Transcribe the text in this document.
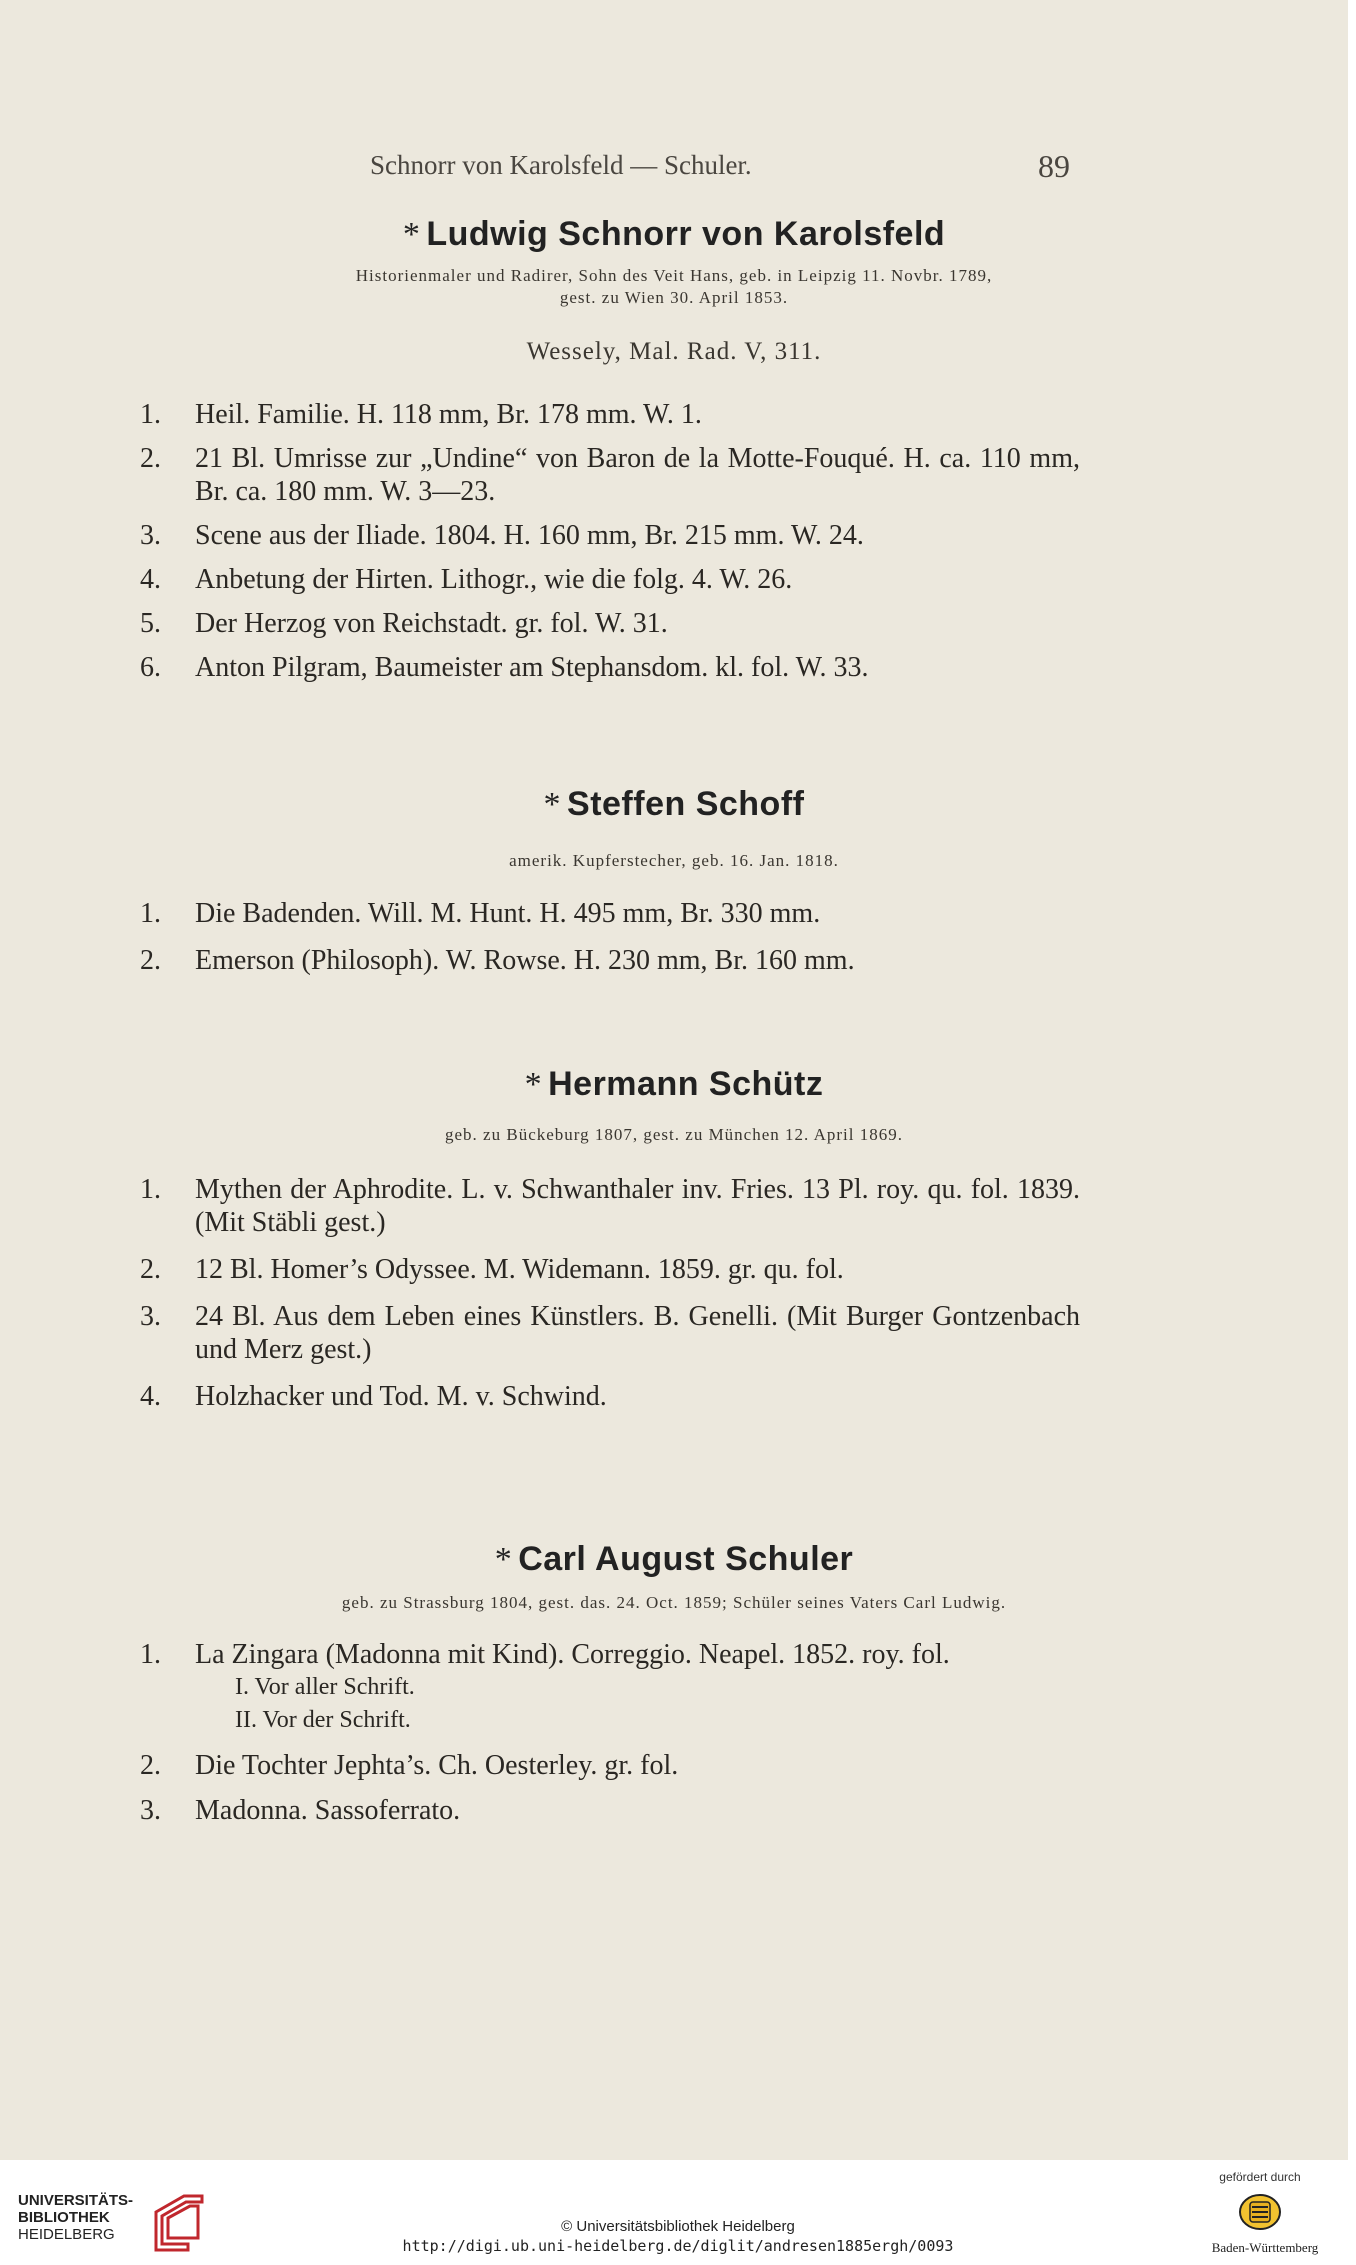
Schnorr von Karolsfeld — Schuler.	89
* Ludwig Schnorr von Karolsfeld
Historienmaler und Radirer, Sohn des Veit Hans, geb. in Leipzig 11. Novbr. 1789,
gest. zu Wien 30. April 1853.
Wessely, Mal. Rad. V, 311.

1. Heil. Familie. H. 118 mm, Br. 178 mm. W. 1.

2. 21 Bl. Umrisse zur „Undine“ von Baron de la Motte-Fouqué. H. ca. 110 mm, Br. ca. 180 mm. W. 3—23.

3. Scene aus der Iliade. 1804. H. 160 mm, Br. 215 mm. W. 24.

4. Anbetung der Hirten. Lithogr., wie die folg. 4. W. 26.

5. Der Herzog von Reichstadt. gr. fol. W. 31.

6. Anton Pilgram, Baumeister am Stephansdom. kl. fol. W. 33.

* Steffen Schoff
amerik. Kupferstecher, geb. 16. Jan. 1818.

1. Die Badenden. Will. M. Hunt. H. 495 mm, Br. 330 mm.

2. Emerson (Philosoph). W. Rowse. H. 230 mm, Br. 160 mm.

* Hermann Schütz
geb. zu Bückeburg 1807, gest. zu München 12. April 1869.

1. Mythen der Aphrodite. L. v. Schwanthaler inv. Fries. 13 Pl. roy. qu. fol. 1839. (Mit Stäbli gest.)

2. 12 Bl. Homer’s Odyssee. M. Widemann. 1859. gr. qu. fol.

3. 24 Bl. Aus dem Leben eines Künstlers. B. Genelli. (Mit Burger Gontzenbach und Merz gest.)

4. Holzhacker und Tod. M. v. Schwind.

* Carl August Schuler
geb. zu Strassburg 1804, gest. das. 24. Oct. 1859; Schüler seines Vaters Carl Ludwig.

1. La Zingara (Madonna mit Kind). Correggio. Neapel. 1852. roy. fol.

I. Vor aller Schrift.
II. Vor der Schrift.

2. Die Tochter Jephta’s. Ch. Oesterley. gr. fol.

3. Madonna. Sassoferrato.

UNIVERSITÄTS-
BIBLIOTHEK
HEIDELBERG	© Universitätsbibliothek Heidelberg
http://digi.ub.uni-heidelberg.de/diglit/andresen1885ergh/0093
gefördert durch
Baden-Württemberg
